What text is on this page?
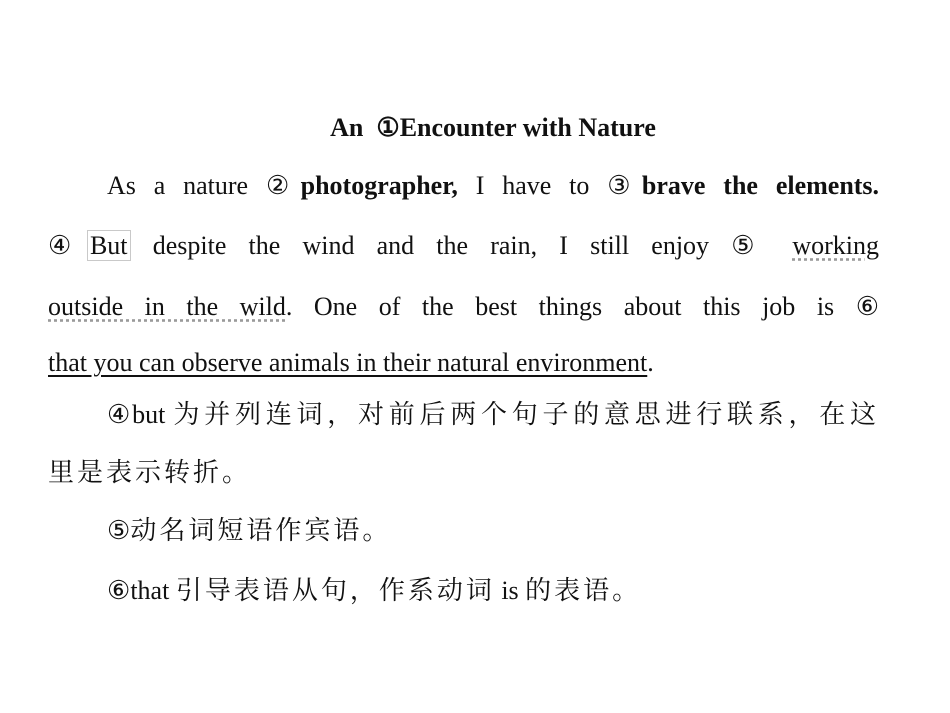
An ①Encounter with Nature
As a nature ②photographer, I have to ③brave the elements.
④ But despite the wind and the rain, I still enjoy ⑤ working
outside in the wild. One of the best things about this job is ⑥
that you can observe animals in their natural environment.
④but 为并列连词，对前后两个句子的意思进行联系，在这
里是表示转折。
⑤动名词短语作宾语。
⑥that 引导表语从句，作系动词 is 的表语。
